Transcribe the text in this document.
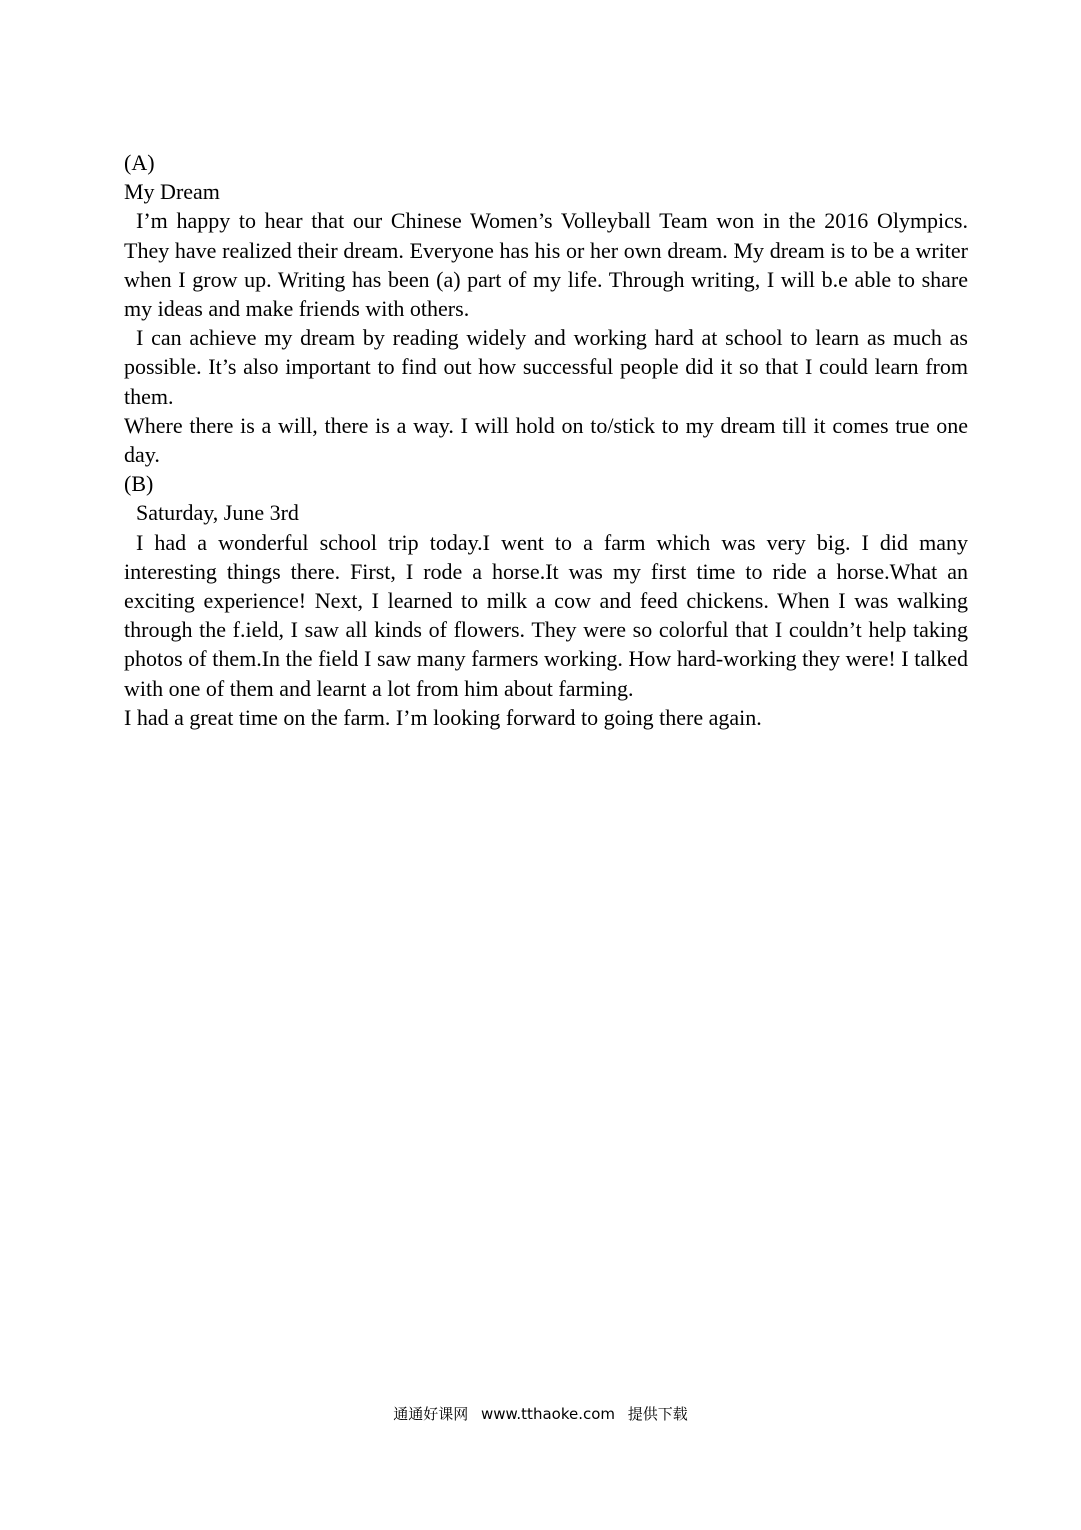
(A)
My Dream

I’m happy to hear that our Chinese Women’s Volleyball Team won in the 2016 Olympics. They have realized their dream. Everyone has his or her own dream. My dream is to be a writer when I grow up. Writing has been (a) part of my life. Through writing, I will b.e able to share my ideas and make friends with others.

I can achieve my dream by reading widely and working hard at school to learn as much as possible. It’s also important to find out how successful people did it so that I could learn from them.

Where there is a will, there is a way. I will hold on to/stick to my dream till it comes true one day.

(B)
Saturday, June 3rd

I had a wonderful school trip today.I went to a farm which was very big. I did many interesting things there. First, I rode a horse.It was my first time to ride a horse.What an exciting experience! Next, I learned to milk a cow and feed chickens. When I was walking through the f.ield, I saw all kinds of flowers. They were so colorful that I couldn’t help taking photos of them.In the field I saw many farmers working. How hard-working they were! I talked with one of them and learnt a lot from him about farming.

I had a great time on the farm. I’m looking forward to going there again.

通通好课网 www.tthaoke.com 提供下载
